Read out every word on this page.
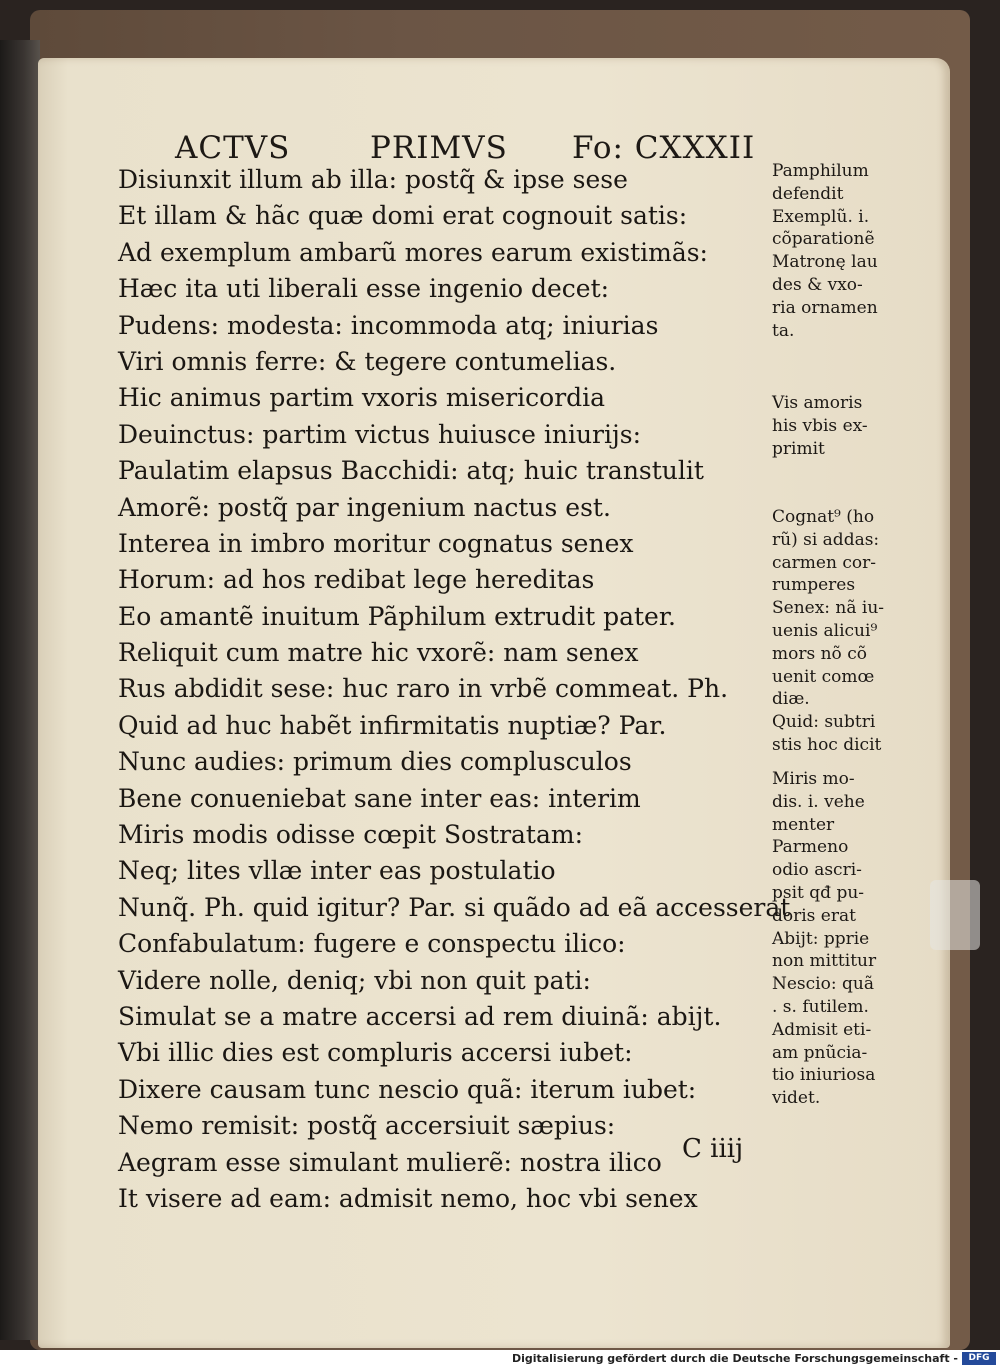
ACTVS	PRIMVS Fo: CXXXII
Disiunxit illum ab illa: postq̃ & ipse sese
Et illam & hãc quæ domi erat cognouit satis:
Ad exemplum ambarũ mores earum existimãs:
Hæc ita uti liberali esse ingenio decet:
Pudens: modesta: incommoda atq; iniurias
Viri omnis ferre: & tegere contumelias.
Hic animus partim vxoris misericordia
Deuinctus: partim victus huiusce iniurijs:
Paulatim elapsus Bacchidi: atq; huic transtulit
Amorẽ: postq̃ par ingenium nactus est.
Interea in imbro moritur cognatus senex
Horum: ad hos redibat lege hereditas
Eo amantẽ inuitum Pãphilum extrudit pater.
Reliquit cum matre hic vxorẽ: nam senex
Rus abdidit sese: huc raro in vrbẽ commeat. Ph.
Quid ad huc habẽt infirmitatis nuptiæ? Par.
Nunc audies: primum dies complusculos
Bene conueniebat sane inter eas: interim
Miris modis odisse cœpit Sostratam:
Neq; lites vllæ inter eas postulatio
Nunq̃. Ph. quid igitur? Par. si quãdo ad eã accesserat
Confabulatum: fugere e conspectu ilico:
Videre nolle, deniq; vbi non quit pati:
Simulat se a matre accersi ad rem diuinã: abijt.
Vbi illic dies est compluris accersi iubet:
Dixere causam tunc nescio quã: iterum iubet:
Nemo remisit: postq̃ accersiuit sæpius:
Aegram esse simulant mulierẽ: nostra ilico
It visere ad eam: admisit nemo, hoc vbi senex
C iiij
Pamphilum
defendit
Exemplũ. i.
cõparationẽ
Matronę lau
des & vxo-
ria ornamen
ta.
Vis amoris
his vbis ex-
primit
Cognat⁹ (ho
rũ) si addas:
carmen cor-
rumperes
Senex: nã iu-
uenis alicui⁹
mors nõ cõ
uenit comœ
diæ.
Quid: subtri
stis hoc dicit
Miris mo-
dis. i. vehe
menter
Parmeno
odio ascri-
psit qđ pu-
doris erat
Abijt: pprie
non mittitur
Nescio: quã
. s. futilem.
Admisit eti-
am pnũcia-
tio iniuriosa
videt.
Digitalisierung gefördert durch die Deutsche Forschungsgemeinschaft -	DFG
